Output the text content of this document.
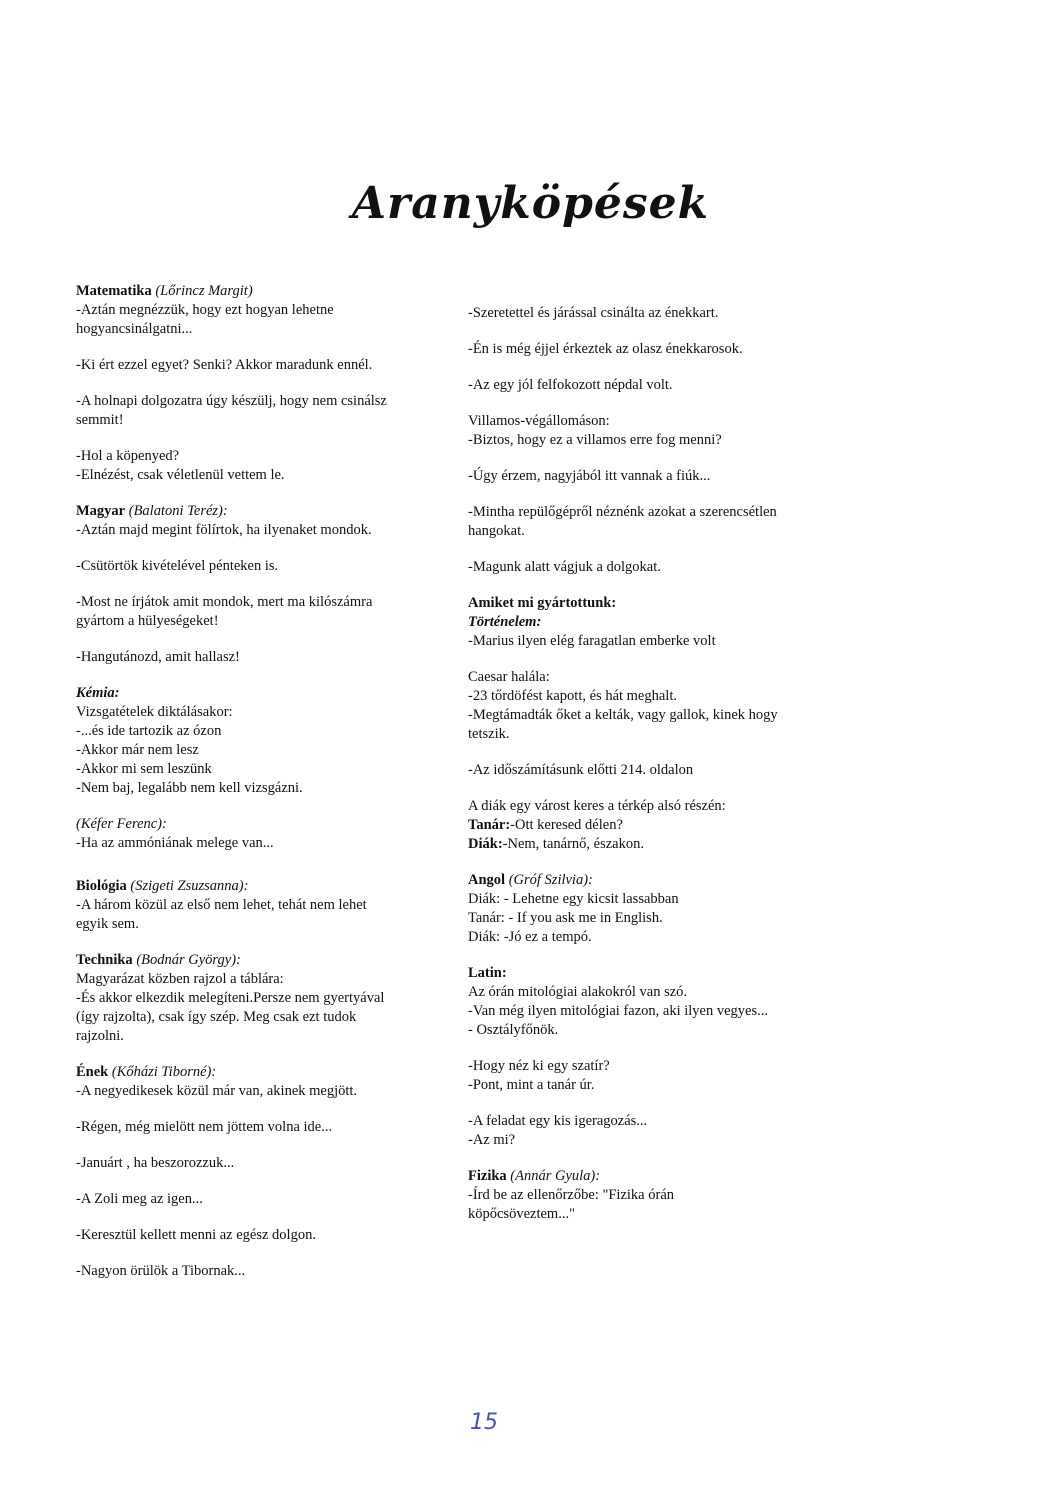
Aranyköpések
Matematika (Lőrincz Margit)
-Aztán megnézzük, hogy ezt hogyan lehetne
hogyancsinálgatni...
-Ki ért ezzel egyet? Senki? Akkor maradunk ennél.
-A holnapi dolgozatra úgy készülj, hogy nem csinálsz
semmit!
-Hol a köpenyed?
-Elnézést, csak véletlenül vettem le.
Magyar (Balatoni Teréz):
-Aztán majd megint fölírtok, ha ilyenaket mondok.
-Csütörtök kivételével pénteken is.
-Most ne írjátok amit mondok, mert ma kilószámra
gyártom a hülyeségeket!
-Hangutánozd, amit hallasz!
Kémia:
Vizsgatételek diktálásakor:
-...és ide tartozik az ózon
-Akkor már nem lesz
-Akkor mi sem leszünk
-Nem baj, legalább nem kell vizsgázni.
(Kéfer Ferenc):
-Ha az ammóniának melege van...
Biológia (Szigeti Zsuzsanna):
-A három közül az első nem lehet, tehát nem lehet
egyik sem.
Technika (Bodnár György):
Magyarázat közben rajzol a táblára:
-És akkor elkezdik melegíteni.Persze nem gyertyával
(így rajzolta), csak így szép. Meg csak ezt tudok
rajzolni.
Ének (Kőházi Tiborné):
-A negyedikesek közül már van, akinek megjött.
-Régen, még mielött nem jöttem volna ide...
-Januárt , ha beszorozzuk...
-A Zoli meg az igen...
-Keresztül kellett menni az egész dolgon.
-Nagyon örülök a Tibornak...
-Szeretettel és járással csinálta az énekkart.
-Én is még éjjel érkeztek az olasz énekkarosok.
-Az egy jól felfokozott népdal volt.
Villamos-végállomáson:
-Biztos, hogy ez a villamos erre fog menni?
-Úgy érzem, nagyjából itt vannak a fiúk...
-Mintha repülőgépről néznénk azokat a szerencsétlen
hangokat.
-Magunk alatt vágjuk a dolgokat.
Amiket mi gyártottunk:
Történelem:
-Marius ilyen elég faragatlan emberke volt
Caesar halála:
-23 tőrdöfést kapott, és hát meghalt.
-Megtámadták őket a kelták, vagy gallok, kinek hogy
tetszik.
-Az időszámításunk előtti 214. oldalon
A diák egy várost keres a térkép alsó részén:
Tanár:-Ott keresed délen?
Diák:-Nem, tanárnő, északon.
Angol (Gróf Szilvia):
Diák: - Lehetne egy kicsit lassabban
Tanár: - If you ask me in English.
Diák: -Jó ez a tempó.
Latin:
Az órán mitológiai alakokról van szó.
-Van még ilyen mitológiai fazon, aki ilyen vegyes...
- Osztályfőnök.
-Hogy néz ki egy szatír?
-Pont, mint a tanár úr.
-A feladat egy kis igeragozás...
-Az mi?
Fizika (Annár Gyula):
-Írd be az ellenőrzőbe: "Fizika órán
köpőcsöveztem..."
15
